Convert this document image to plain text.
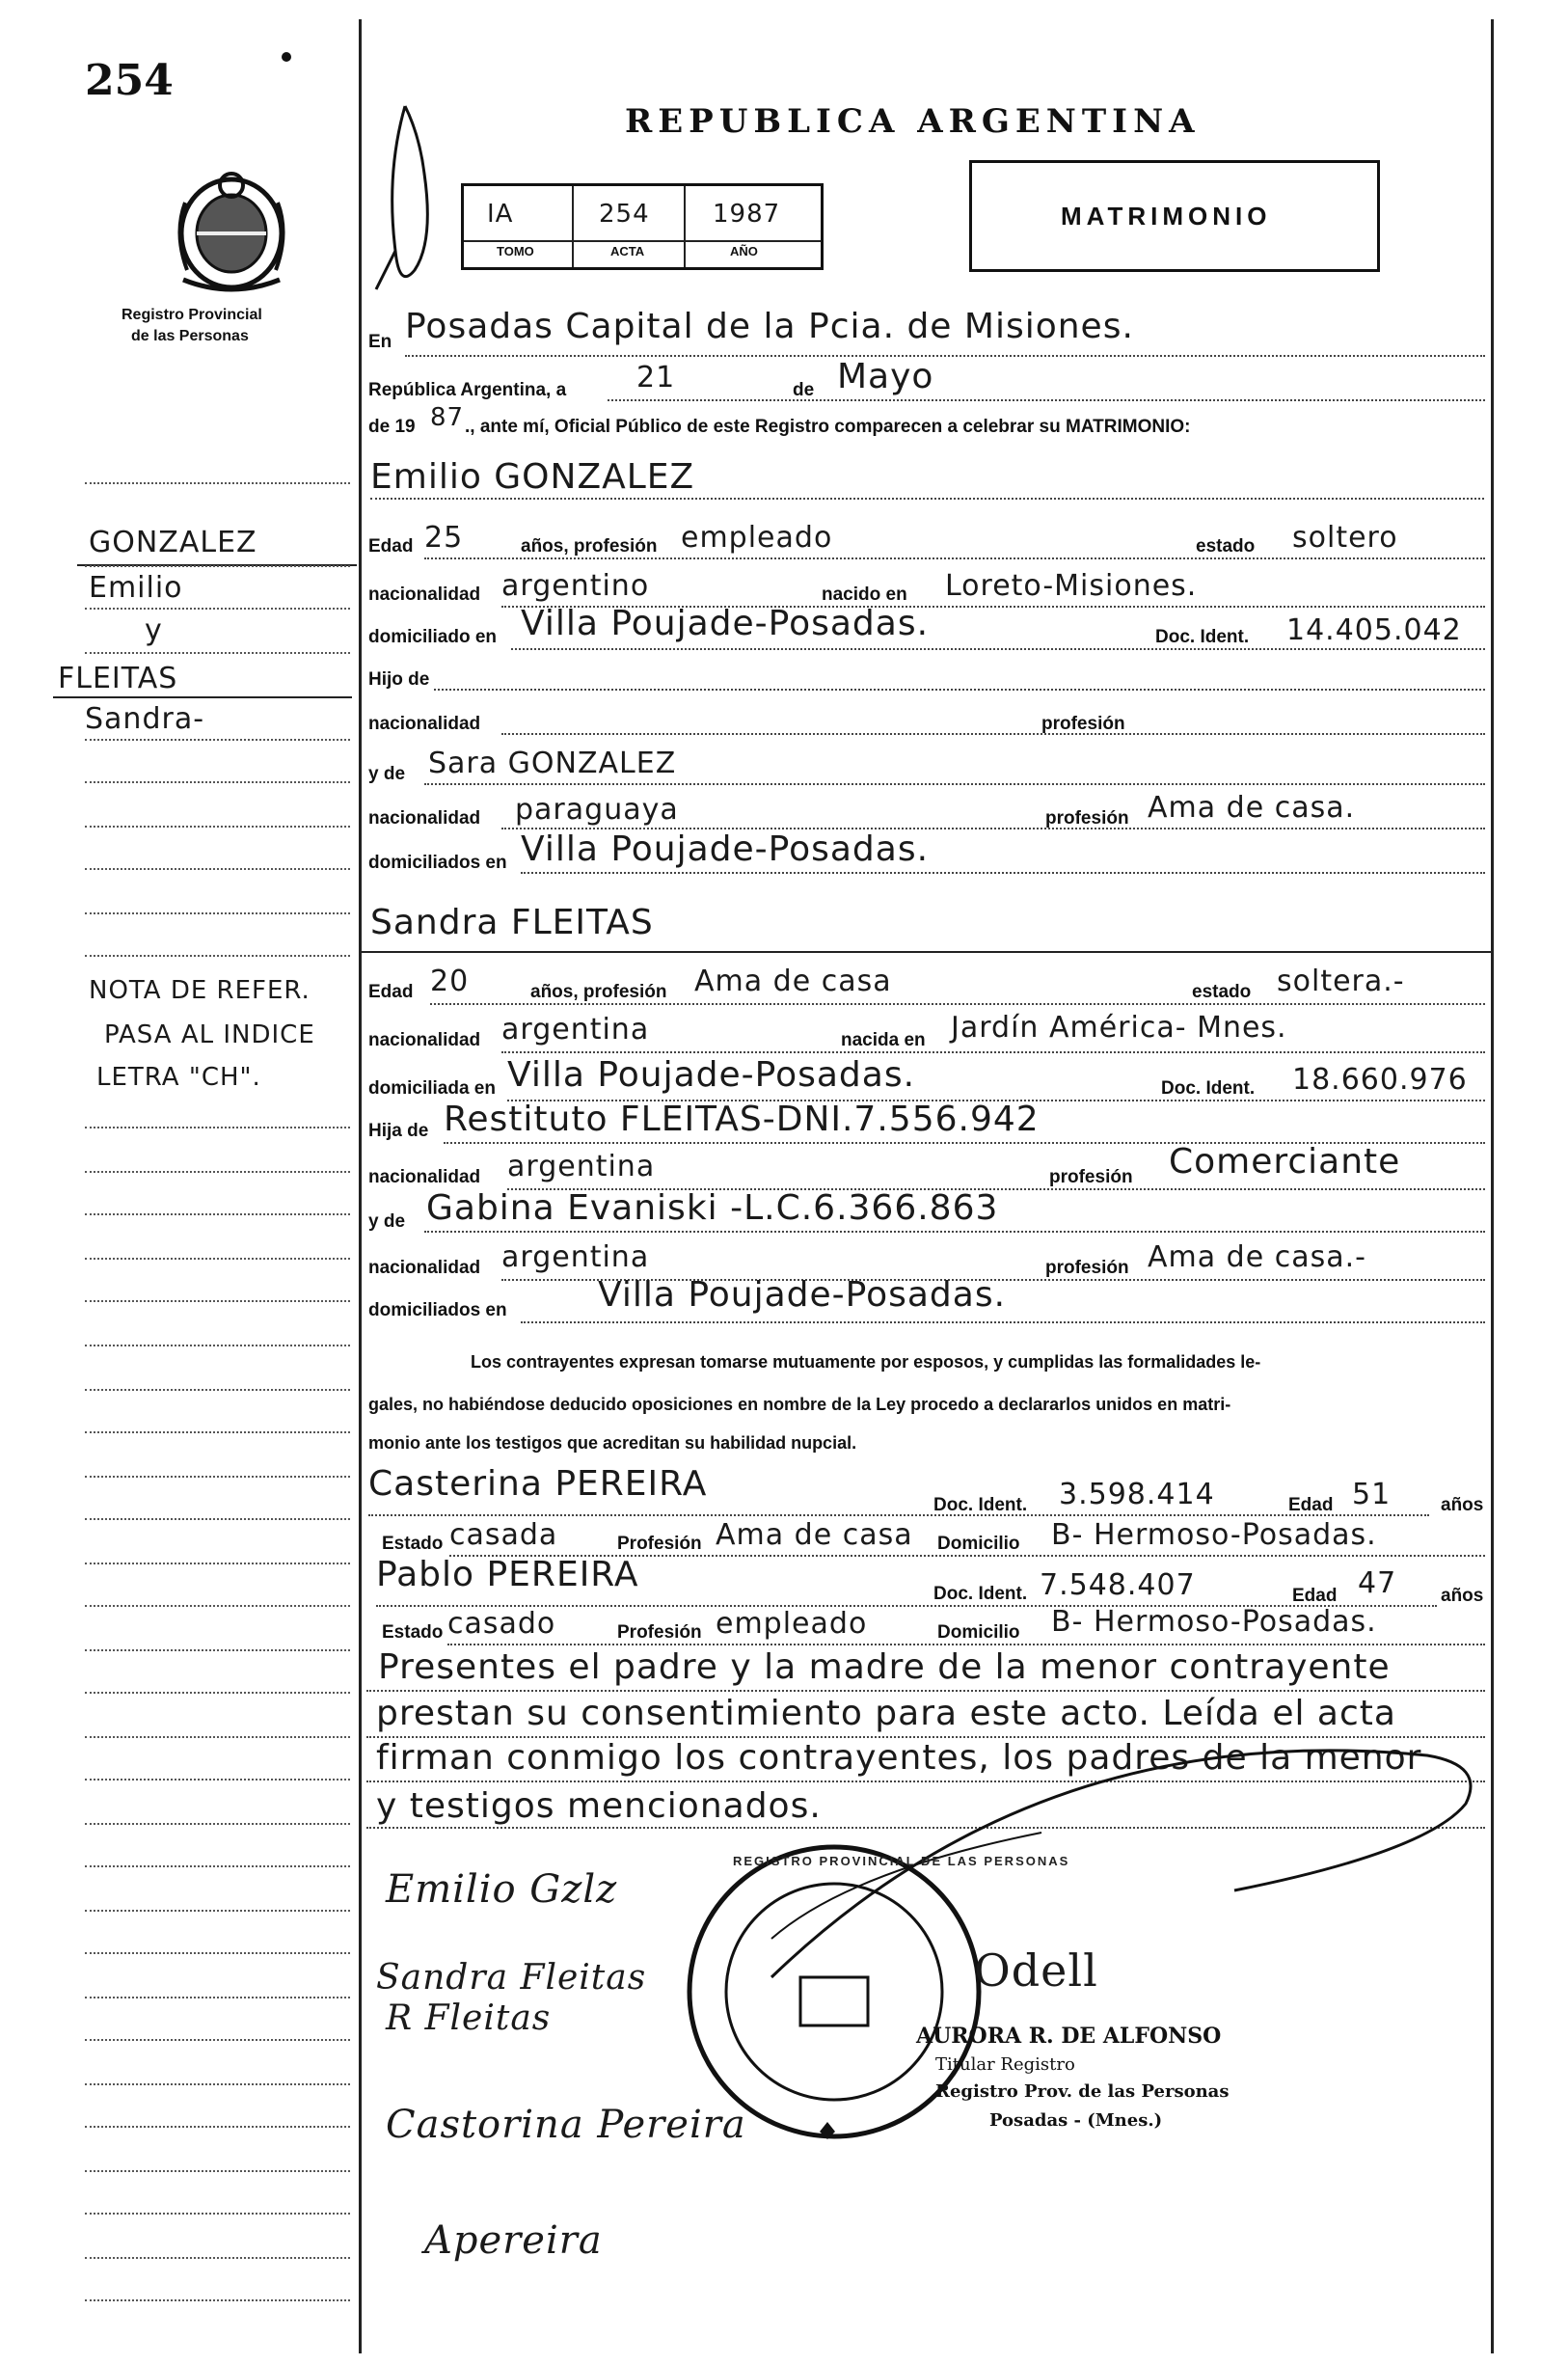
254
Registro Provincial
de las Personas
GONZALEZ
Emilio
y
FLEITAS
Sandra-
NOTA DE REFER.
PASA AL INDICE
LETRA "CH".
REPUBLICA ARGENTINA
MATRIMONIO
IA	254	1987
TOMO	ACTA	AÑO
En Posadas Capital de la Pcia. de Misiones.
República Argentina, a 21	de Mayo
de 19 87 ., ante mí, Oficial Público de este Registro comparecen a celebrar su MATRIMONIO:
Emilio GONZALEZ
Edad 25	años, profesión empleado	estado soltero
nacionalidad argentino	nacido en Loreto-Misiones.
domiciliado en Villa Poujade-Posadas.	Doc. Ident. 14.405.042
Hijo de
nacionalidad	profesión
y de Sara GONZALEZ
nacionalidad paraguaya	profesión Ama de casa.
domiciliados en Villa Poujade-Posadas.
Sandra FLEITAS
Edad 20	años, profesión Ama de casa	estado soltera.-
nacionalidad argentina	nacida en Jardín América- Mnes.
domiciliada en Villa Poujade-Posadas.	Doc. Ident. 18.660.976
Hija de Restituto FLEITAS-DNI.7.556.942
nacionalidad argentina	profesión Comerciante
y de Gabina Evaniski -L.C.6.366.863
nacionalidad argentina	profesión Ama de casa.-
domiciliados en	Villa Poujade-Posadas.
Los contrayentes expresan tomarse mutuamente por esposos, y cumplidas las formalidades le-
gales, no habiéndose deducido oposiciones en nombre de la Ley procedo a declararlos unidos en matri-
monio ante los testigos que acreditan su habilidad nupcial.
Casterina PEREIRA
Doc. Ident. 3.598.414	Edad 51	años
Estado casada	Profesión Ama de casa Domicilio B- Hermoso-Posadas.
Pablo PEREIRA	Doc. Ident. 7.548.407	Edad 47 años
Estado casado	Profesión empleado	Domicilio B- Hermoso-Posadas.
Presentes el padre y la madre de la menor contrayente
prestan su consentimiento para este acto. Leída el acta
firman conmigo los contrayentes, los padres de la menor
y testigos mencionados.
Emilio Gzlz
Sandra Fleitas
R Fleitas
Castorina Pereira
Apereira
REGISTRO PROVINCIAL DE LAS PERSONAS
Odell
AURORA R. DE ALFONSO
Titular Registro
Registro Prov. de las Personas
Posadas - (Mnes.)
